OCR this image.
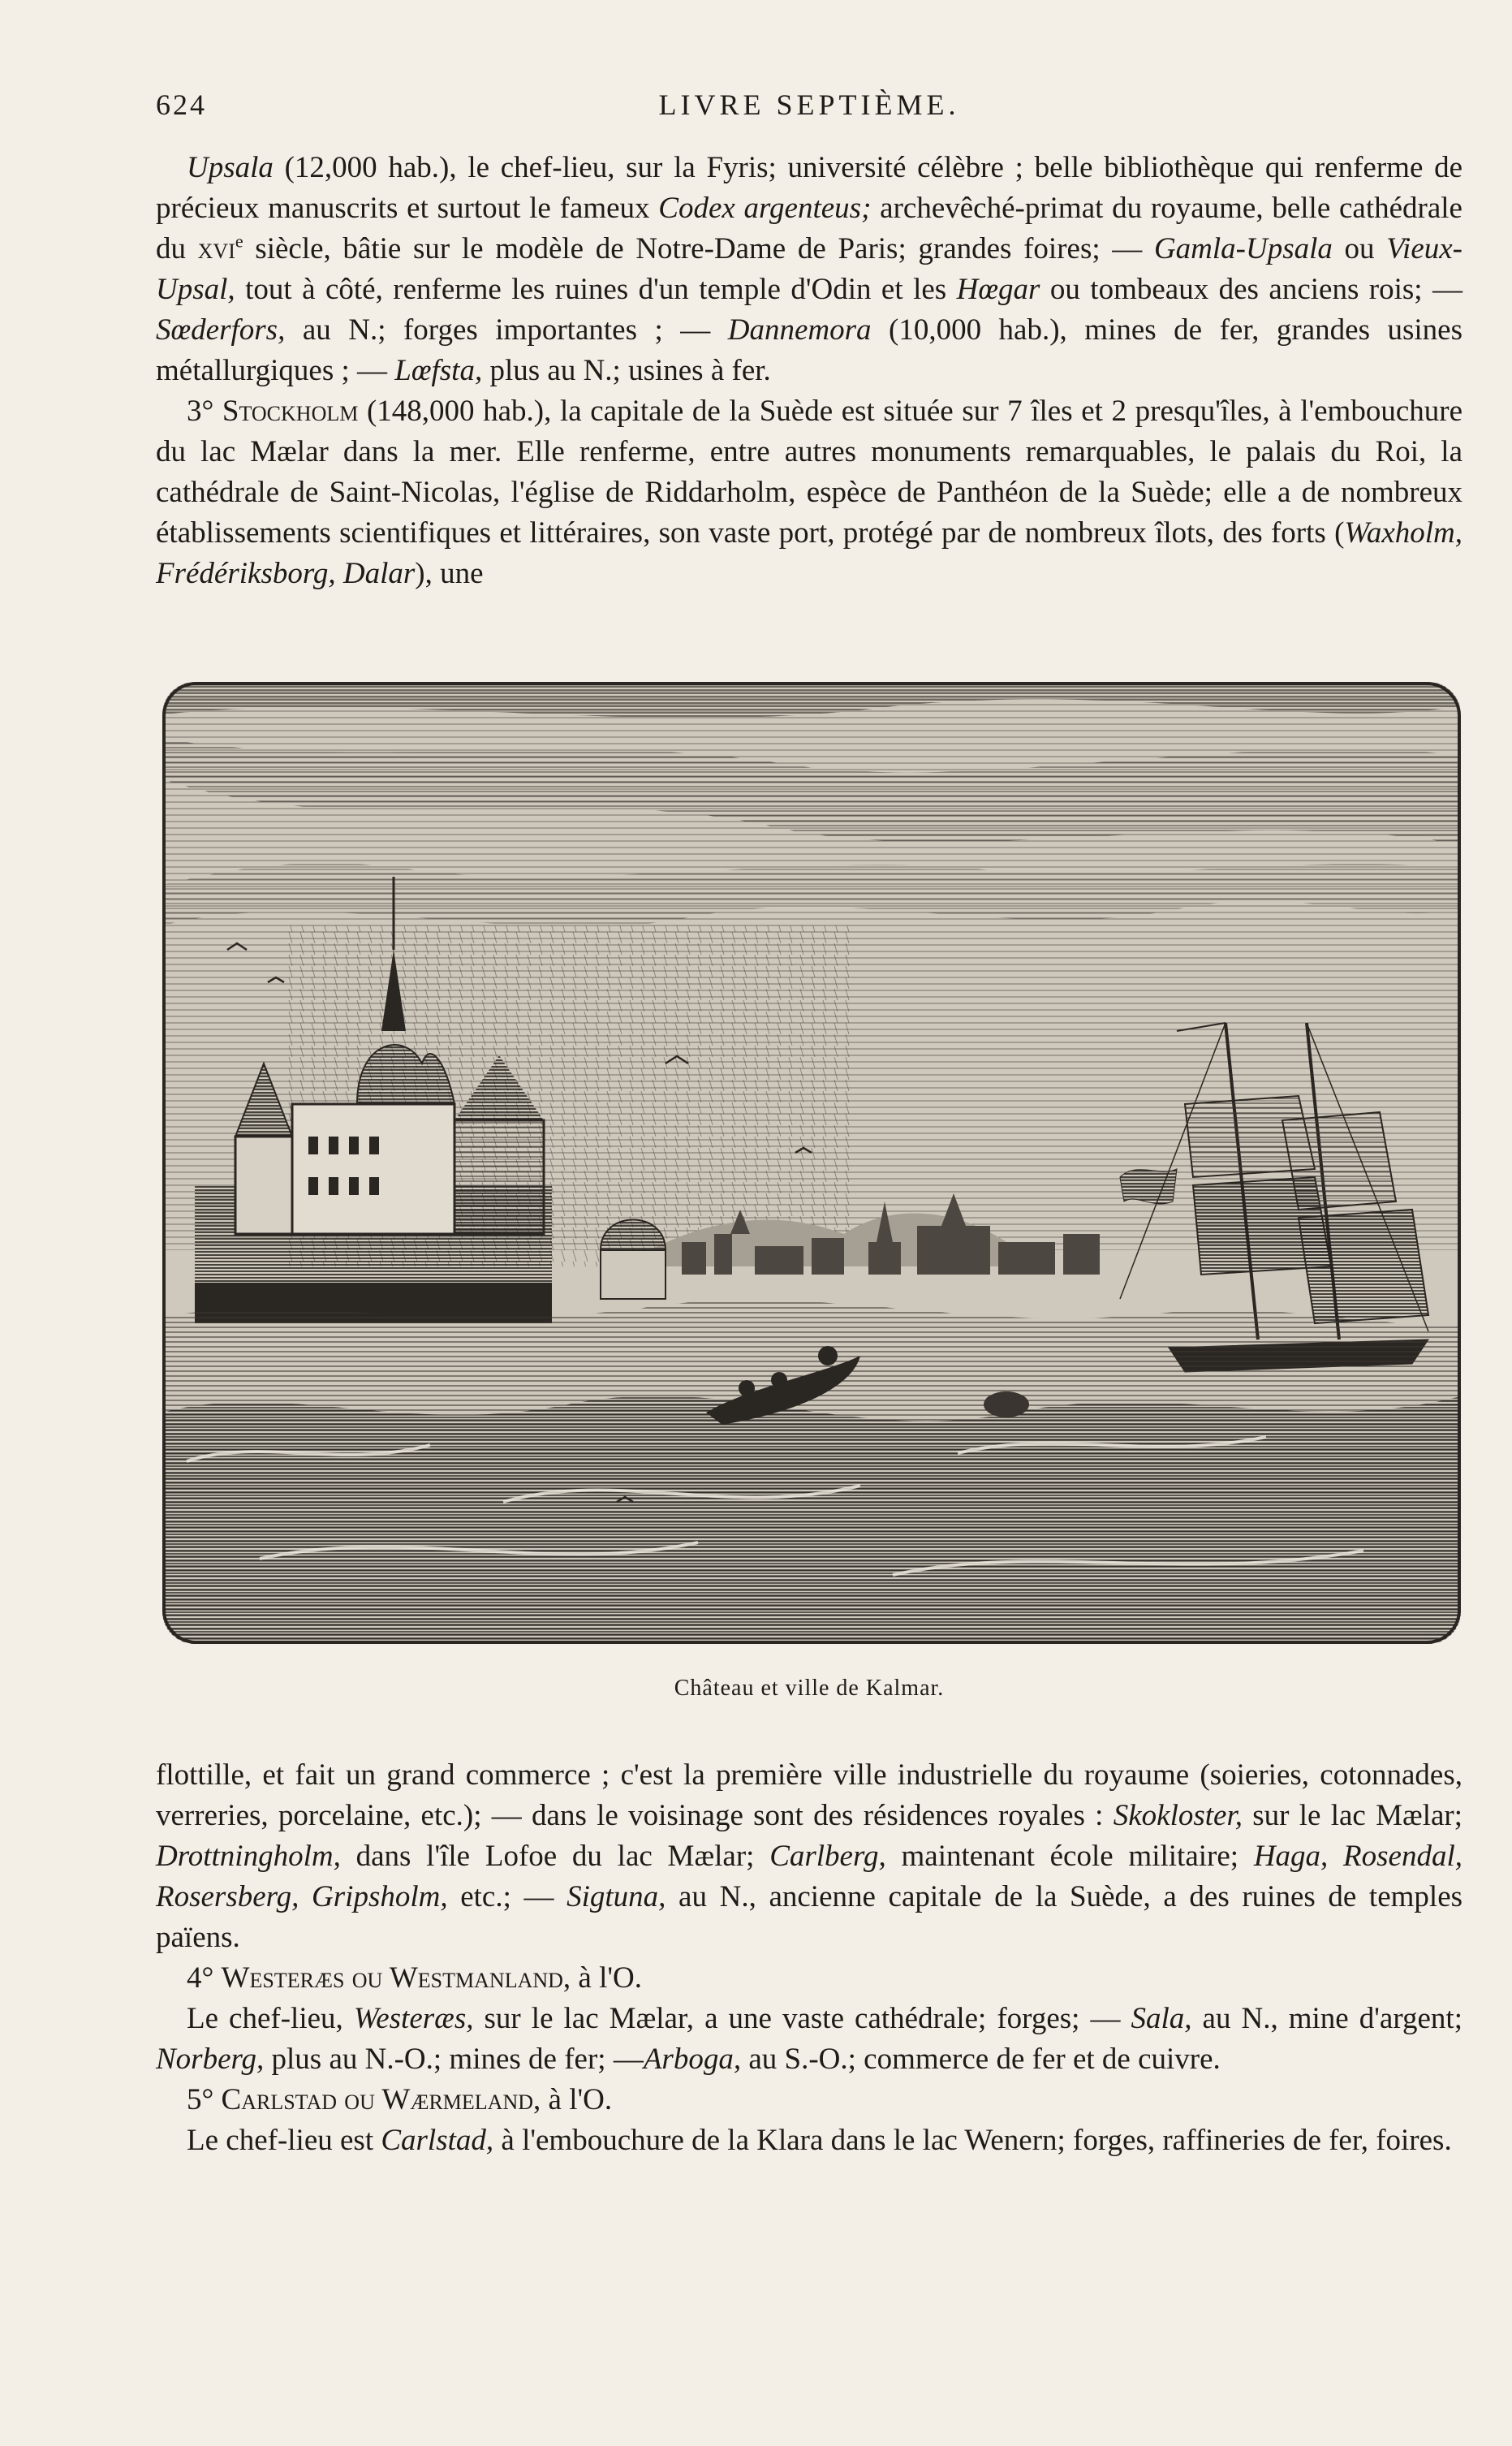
624	LIVRE SEPTIÈME.

Upsala (12,000 hab.), le chef-lieu, sur la Fyris; université célèbre ; belle bibliothèque qui renferme de précieux manuscrits et surtout le fameux Codex argenteus; archevêché-primat du royaume, belle cathédrale du xvi$^e$ siècle, bâtie sur le modèle de Notre-Dame de Paris; grandes foires; — Gamla-Upsala ou Vieux-Upsal, tout à côté, renferme les ruines d'un temple d'Odin et les Hœgar ou tombeaux des anciens rois; — Sœderfors, au N.; forges importantes ; — Dannemora (10,000 hab.), mines de fer, grandes usines métallurgiques ; — Lœfsta, plus au N.; usines à fer.

3° Stockholm (148,000 hab.), la capitale de la Suède est située sur 7 îles et 2 presqu'îles, à l'embouchure du lac Mælar dans la mer. Elle renferme, entre autres monuments remarquables, le palais du Roi, la cathédrale de Saint-Nicolas, l'église de Riddarholm, espèce de Panthéon de la Suède; elle a de nombreux établissements scientifiques et littéraires, son vaste port, protégé par de nombreux îlots, des forts (Waxholm, Frédériksborg, Dalar), une

Château et ville de Kalmar.

flottille, et fait un grand commerce ; c'est la première ville industrielle du royaume (soieries, cotonnades, verreries, porcelaine, etc.); — dans le voisinage sont des résidences royales : Skokloster, sur le lac Mælar; Drottningholm, dans l'île Lofoe du lac Mælar; Carlberg, maintenant école militaire; Haga, Rosendal, Rosersberg, Gripsholm, etc.; — Sigtuna, au N., ancienne capitale de la Suède, a des ruines de temples païens.

4° Westeræs ou Westmanland, à l'O.

Le chef-lieu, Westeræs, sur le lac Mælar, a une vaste cathédrale; forges; — Sala, au N., mine d'argent; Norberg, plus au N.-O.; mines de fer; —Arboga, au S.-O.; commerce de fer et de cuivre.

5° Carlstad ou Wærmeland, à l'O.

Le chef-lieu est Carlstad, à l'embouchure de la Klara dans le lac Wenern; forges, raffineries de fer, foires.
